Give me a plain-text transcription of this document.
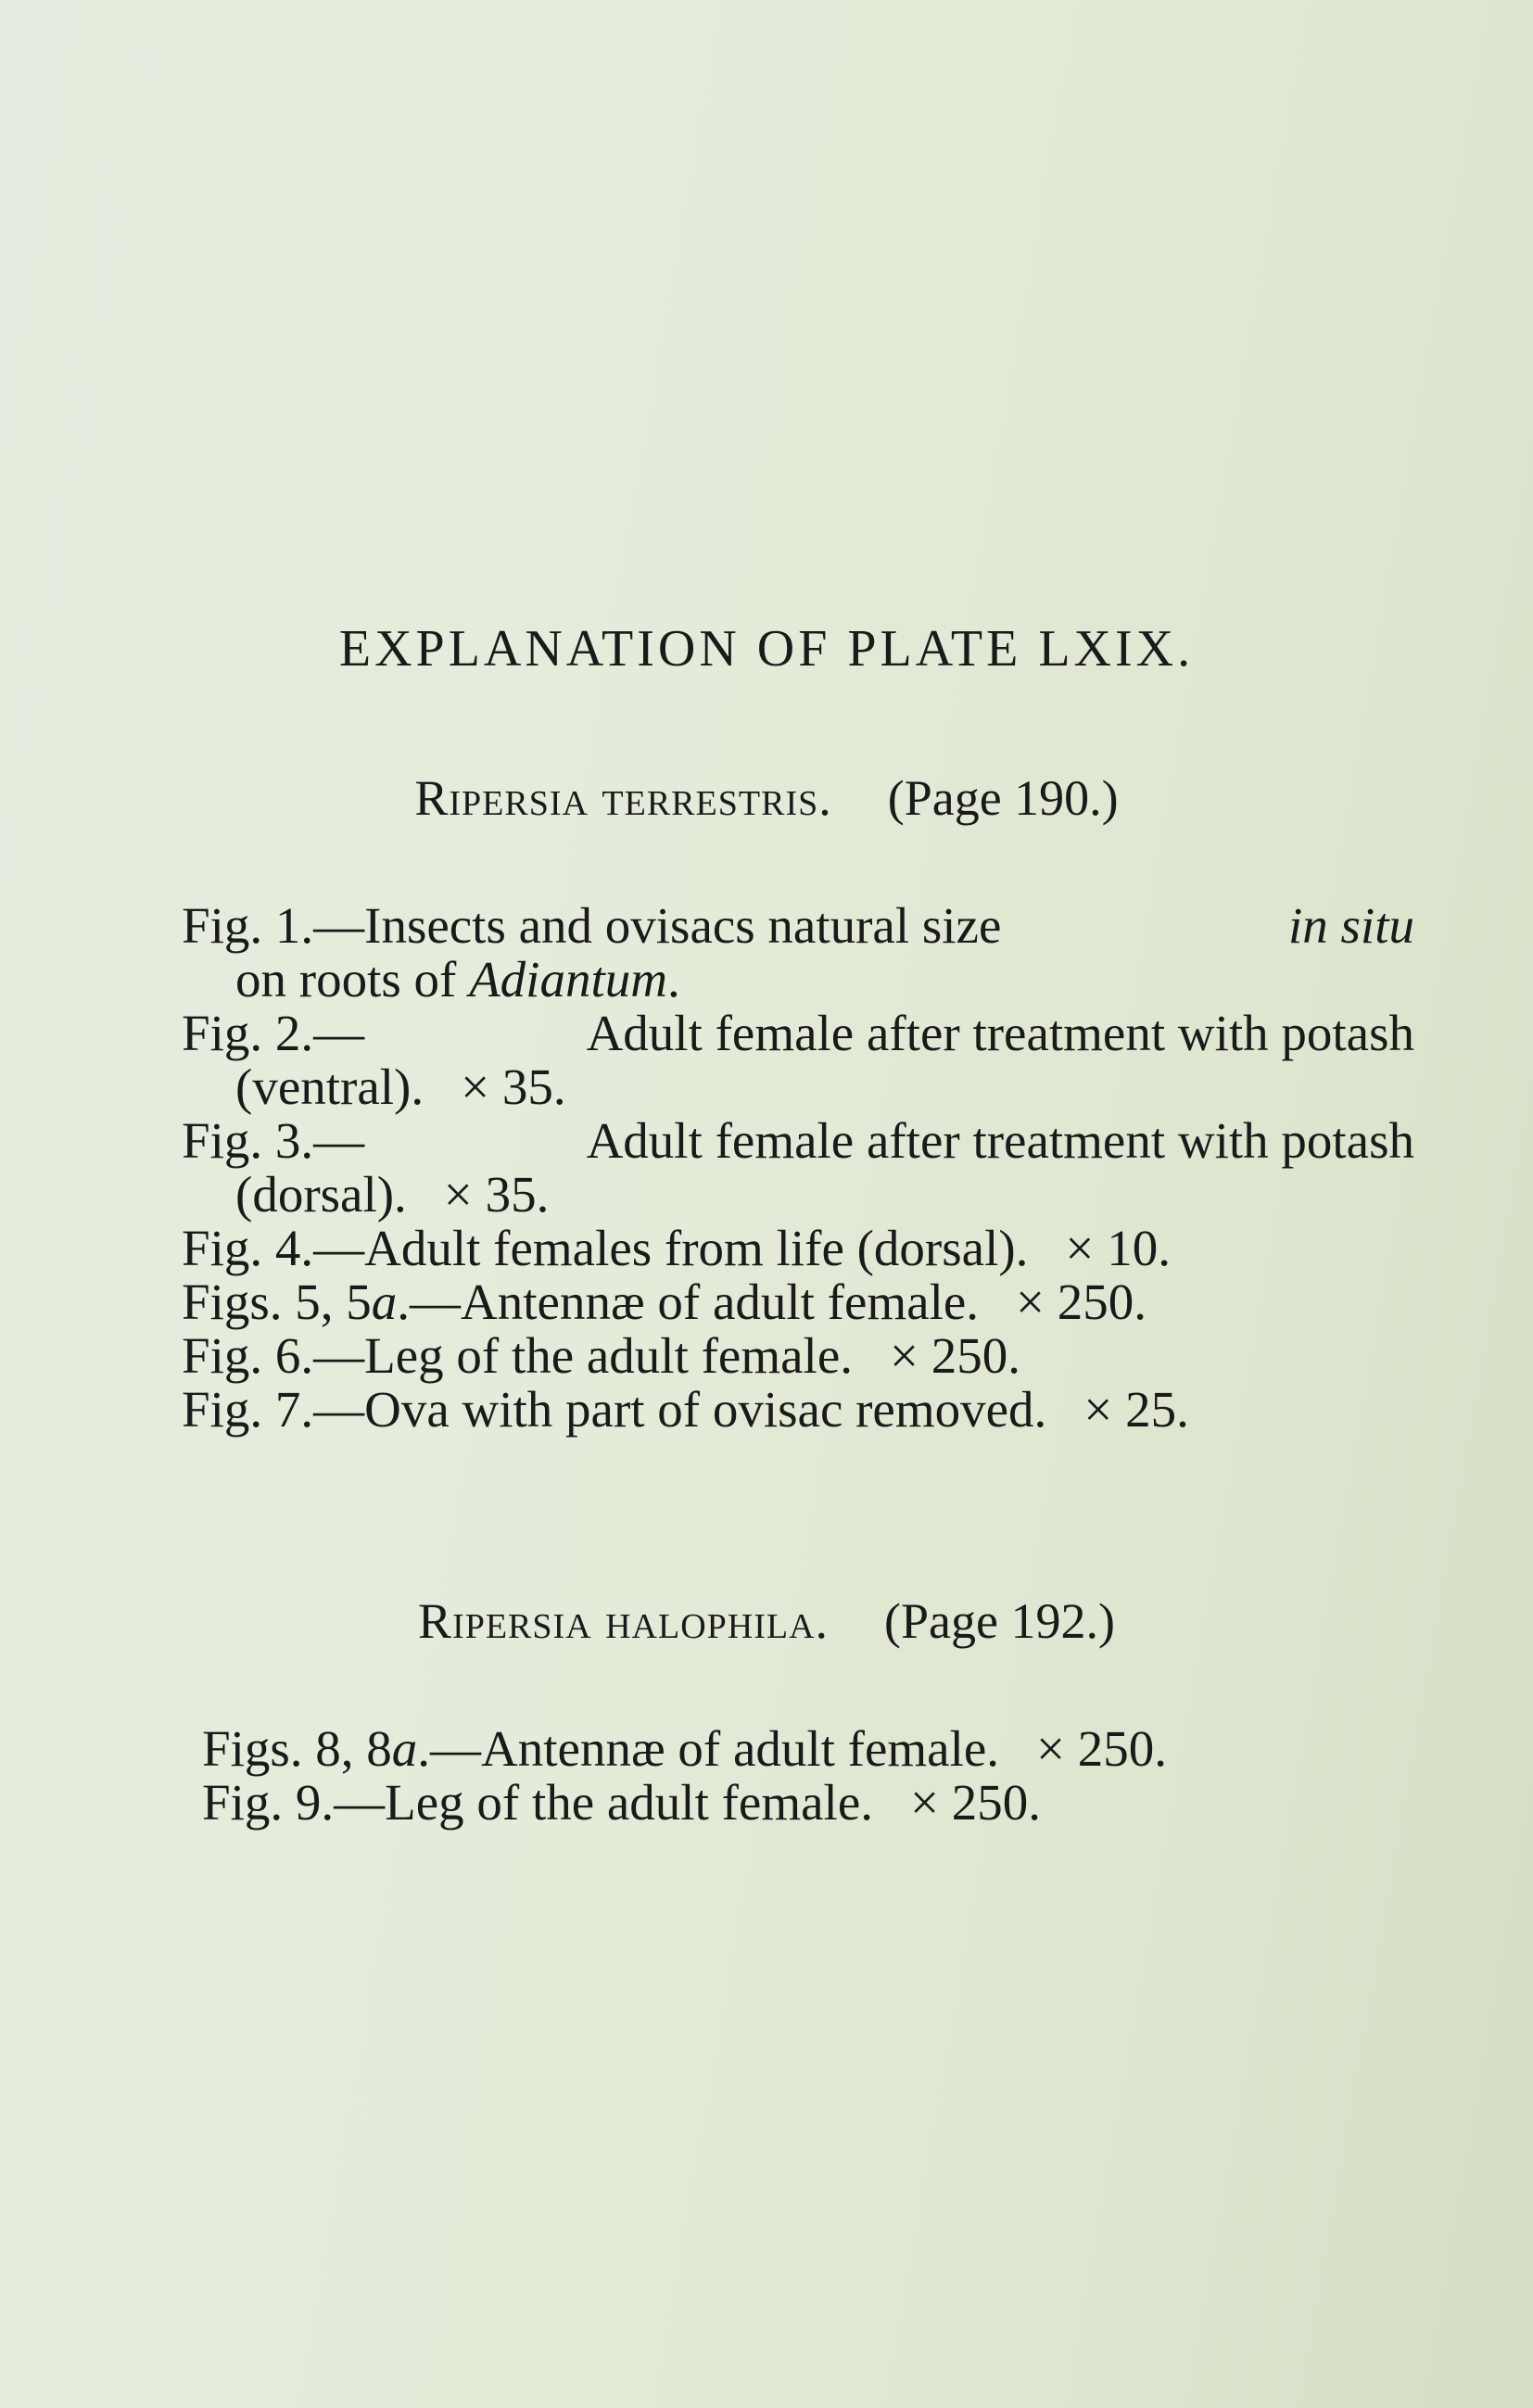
EXPLANATION OF PLATE LXIX.
Ripersia terrestris. (Page 190.)
Fig. 1.— Insects and ovisacs natural size	in situ
on roots of Adiantum.
Fig. 2.—	Adult female after treatment with potash
(ventral). × 35.
Fig. 3.—	Adult female after treatment with potash
(dorsal). × 35.
Fig. 4.—Adult females from life (dorsal). × 10.
Figs. 5, 5a.—Antennæ of adult female. × 250.
Fig. 6.—Leg of the adult female. × 250.
Fig. 7.—Ova with part of ovisac removed. × 25.
Ripersia halophila. (Page 192.)
Figs. 8, 8a.—Antennæ of adult female. × 250.
Fig. 9.—Leg of the adult female. × 250.
